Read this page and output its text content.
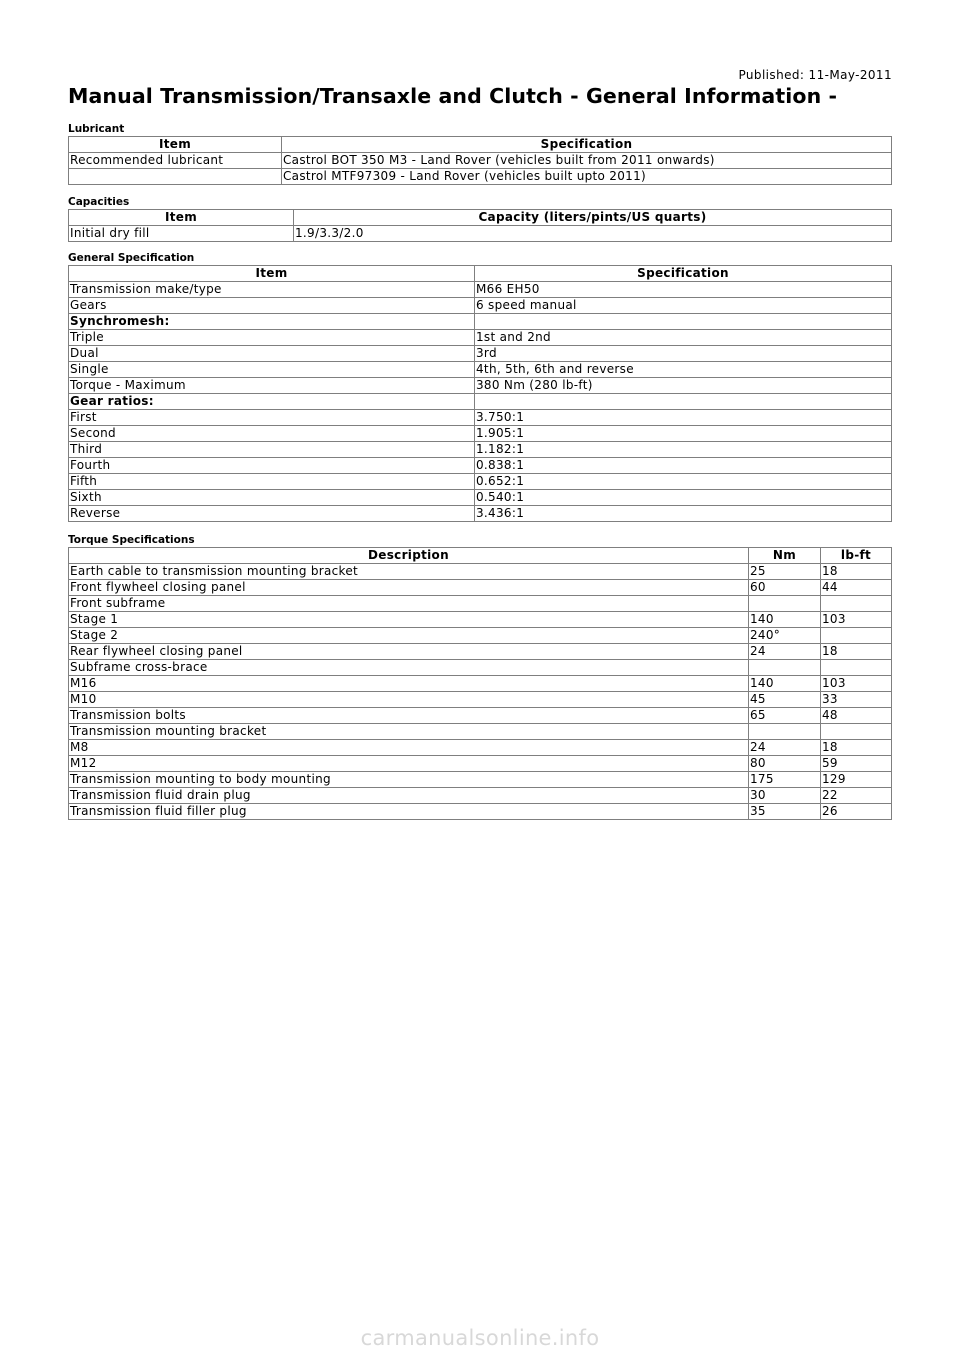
Published: 11-May-2011
Manual Transmission/Transaxle and Clutch - General Information -
Lubricant
Item	Specification
Recommended lubricant	Castrol BOT 350 M3 - Land Rover (vehicles built from 2011 onwards)
	Castrol MTF97309 - Land Rover (vehicles built upto 2011)
Capacities
Item	Capacity (liters/pints/US quarts)
Initial dry fill	1.9/3.3/2.0
General Specification
Item	Specification
Transmission make/type	M66 EH50
Gears	6 speed manual
Synchromesh:	
Triple	1st and 2nd
Dual	3rd
Single	4th, 5th, 6th and reverse
Torque - Maximum	380 Nm (280 lb-ft)
Gear ratios:	
First	3.750:1
Second	1.905:1
Third	1.182:1
Fourth	0.838:1
Fifth	0.652:1
Sixth	0.540:1
Reverse	3.436:1
Torque Specifications
Description	Nm	lb-ft
Earth cable to transmission mounting bracket	25	18
Front flywheel closing panel	60	44
Front subframe		
Stage 1	140	103
Stage 2	240°	
Rear flywheel closing panel	24	18
Subframe cross-brace		
M16	140	103
M10	45	33
Transmission bolts	65	48
Transmission mounting bracket		
M8	24	18
M12	80	59
Transmission mounting to body mounting	175	129
Transmission fluid drain plug	30	22
Transmission fluid filler plug	35	26
carmanualsonline.info
